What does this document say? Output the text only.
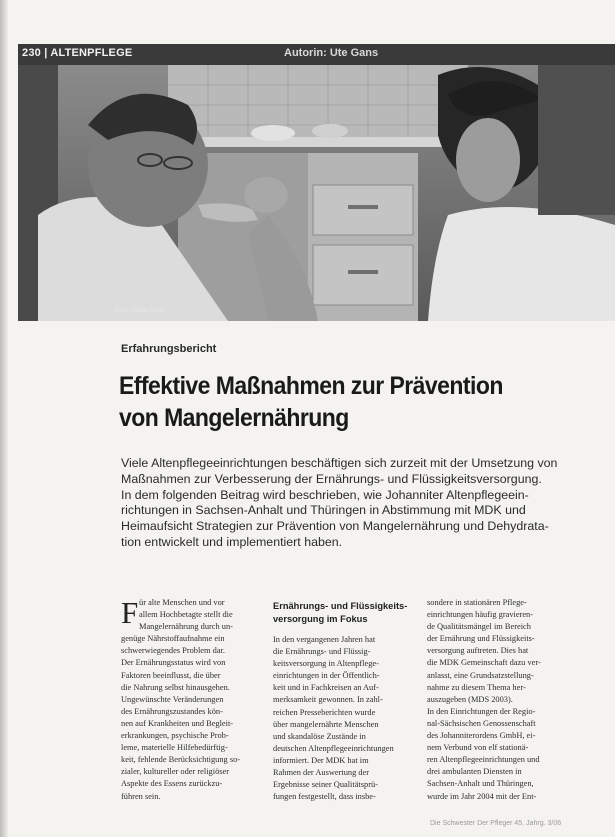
230 | ALTENPFLEGE	Autorin: Ute Gans
Foto: Pflege heute
Erfahrungsbericht
Effektive Maßnahmen zur Prävention
von Mangelernährung
Viele Altenpflegeeinrichtungen beschäftigen sich zurzeit mit der Umsetzung von
Maßnahmen zur Verbesserung der Ernährungs- und Flüssigkeitsversorgung.
In dem folgenden Beitrag wird beschrieben, wie Johanniter Altenpflegeein-
richtungen in Sachsen-Anhalt und Thüringen in Abstimmung mit MDK und
Heimaufsicht Strategien zur Prävention von Mangelernährung und Dehydrata-
tion entwickelt und implementiert haben.
F ür alte Menschen und vor
allem Hochbetagte stellt die
Mangelernährung durch un-
genüge Nährstoffaufnahme ein
schwerwiegendes Problem dar.
Der Ernährungsstatus wird von
Faktoren beeinflusst, die über
die Nahrung selbst hinausgehen.
Ungewünschte Veränderungen
des Ernährungszustandes kön-
nen auf Krankheiten und Begleit-
erkrankungen, psychische Prob-
leme, materielle Hilfebedürftig-
keit, fehlende Berücksichtigung so-
zialer, kultureller oder religiöser
Aspekte des Essens zurückzu-
führen sein.
Ernährungs- und Flüssigkeits-
versorgung im Fokus
In den vergangenen Jahren hat
die Ernährungs- und Flüssig-
keitsversorgung in Altenpflege-
einrichtungen in der Öffentlich-
keit und in Fachkreisen an Auf-
merksamkeit gewonnen. In zahl-
reichen Presseberichten wurde
über mangelernährte Menschen
und skandalöse Zustände in
deutschen Altenpflegeeinrichtungen
informiert. Der MDK hat im
Rahmen der Auswertung der
Ergebnisse seiner Qualitätsprü-
fungen festgestellt, dass insbe-
sondere in stationären Pflege-
einrichtungen häufig gravieren-
de Qualitätsmängel im Bereich
der Ernährung und Flüssigkeits-
versorgung auftreten. Dies hat
die MDK Gemeinschaft dazu ver-
anlasst, eine Grundsatzstellung-
nahme zu diesem Thema her-
auszugeben (MDS 2003).
In den Einrichtungen der Regio-
nal-Sächsischen Genossenschaft
des Johanniterordens GmbH, ei-
nem Verbund von elf stationä-
ren Altenpflegeeinrichtungen und
drei ambulanten Diensten in
Sachsen-Anhalt und Thüringen,
wurde im Jahr 2004 mit der Ent-
Die Schwester Der Pfleger 45. Jahrg. 3/06
